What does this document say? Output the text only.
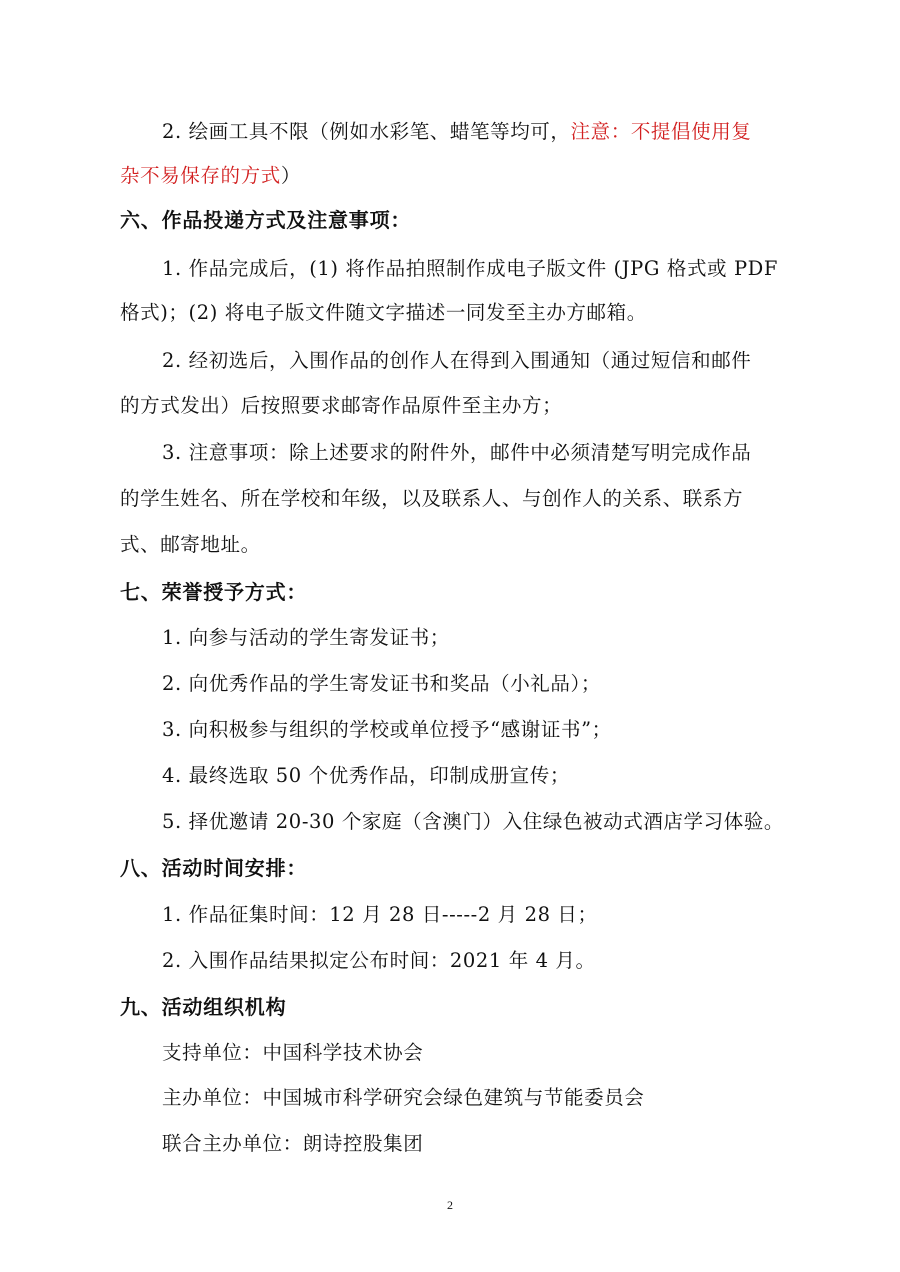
2. 绘画工具不限（例如水彩笔、蜡笔等均可，注意：不提倡使用复
杂不易保存的方式）
六、作品投递方式及注意事项：
1. 作品完成后，(1) 将作品拍照制作成电子版文件 (JPG 格式或 PDF
格式)；(2) 将电子版文件随文字描述一同发至主办方邮箱。
2. 经初选后，入围作品的创作人在得到入围通知（通过短信和邮件
的方式发出）后按照要求邮寄作品原件至主办方；
3. 注意事项：除上述要求的附件外，邮件中必须清楚写明完成作品
的学生姓名、所在学校和年级，以及联系人、与创作人的关系、联系方
式、邮寄地址。
七、荣誉授予方式：
1. 向参与活动的学生寄发证书；
2. 向优秀作品的学生寄发证书和奖品（小礼品）；
3. 向积极参与组织的学校或单位授予“感谢证书”；
4. 最终选取 50 个优秀作品，印制成册宣传；
5. 择优邀请 20-30 个家庭（含澳门）入住绿色被动式酒店学习体验。
八、活动时间安排：
1. 作品征集时间：12 月 28 日-----2 月 28 日；
2. 入围作品结果拟定公布时间：2021 年 4 月。
九、活动组织机构
支持单位：中国科学技术协会
主办单位：中国城市科学研究会绿色建筑与节能委员会
联合主办单位：朗诗控股集团
2
